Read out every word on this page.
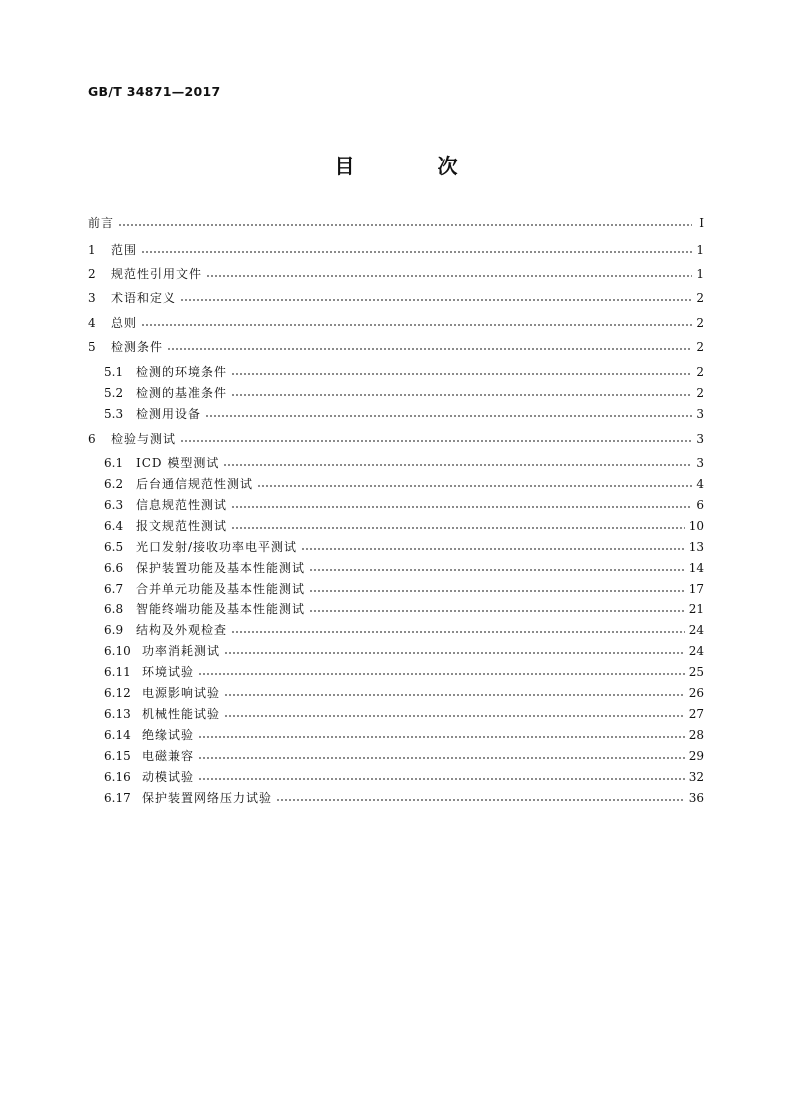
GB/T 34871—2017
目 次
前言	I
1	范围	1
2	规范性引用文件	1
3	术语和定义	2
4	总则	2
5	检测条件	2
5.1	检测的环境条件	2
5.2	检测的基准条件	2
5.3	检测用设备	3
6	检验与测试	3
6.1	ICD 模型测试	3
6.2	后台通信规范性测试	4
6.3	信息规范性测试	6
6.4	报文规范性测试	10
6.5	光口发射/接收功率电平测试	13
6.6	保护装置功能及基本性能测试	14
6.7	合并单元功能及基本性能测试	17
6.8	智能终端功能及基本性能测试	21
6.9	结构及外观检查	24
6.10 功率消耗测试	24
6.11 环境试验	25
6.12 电源影响试验	26
6.13 机械性能试验	27
6.14 绝缘试验	28
6.15 电磁兼容	29
6.16 动模试验	32
6.17 保护装置网络压力试验	36
